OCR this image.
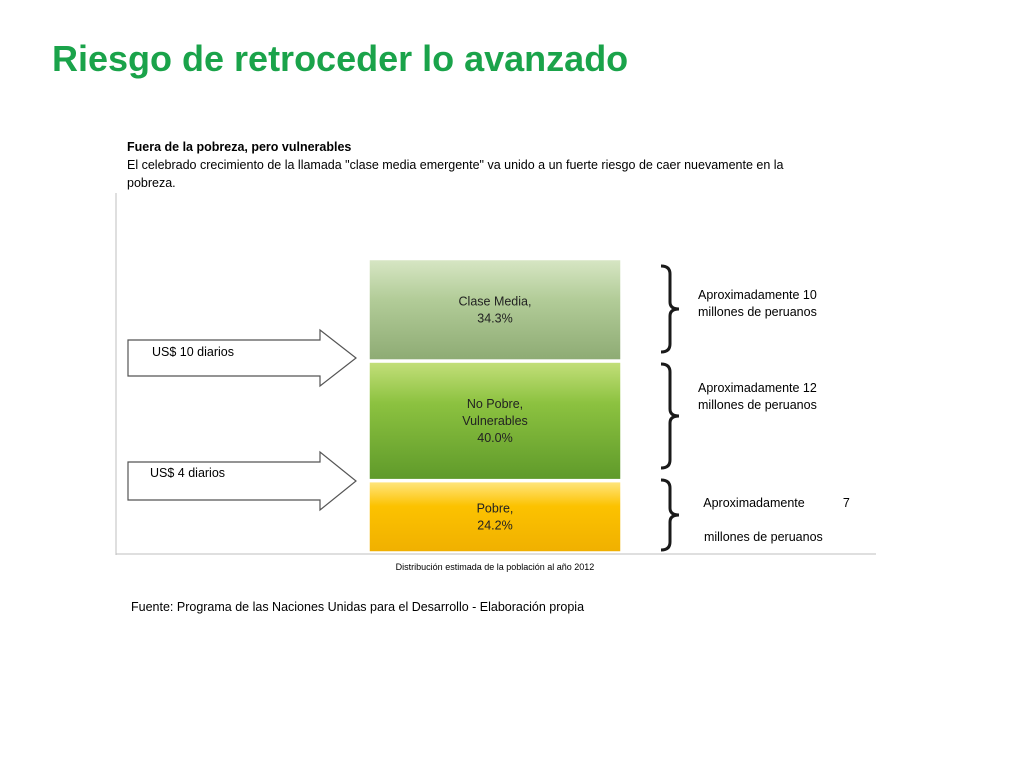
Riesgo de retroceder lo avanzado
Fuera de la pobreza, pero vulnerables
El celebrado crecimiento de la llamada "clase media emergente" va unido a un fuerte riesgo de caer nuevamente en la pobreza.
Pobre,
24.2%
No Pobre,
Vulnerables
40.0%
Clase Media,
34.3%
US$ 10 diarios
US$ 4 diarios
Aproximadamente 10
millones de peruanos
Aproximadamente 12
millones de peruanos

Aproximadamente           7

millones de peruanos

Distribución estimada de la población al año 2012
Fuente: Programa de las Naciones Unidas para el Desarrollo - Elaboración propia
